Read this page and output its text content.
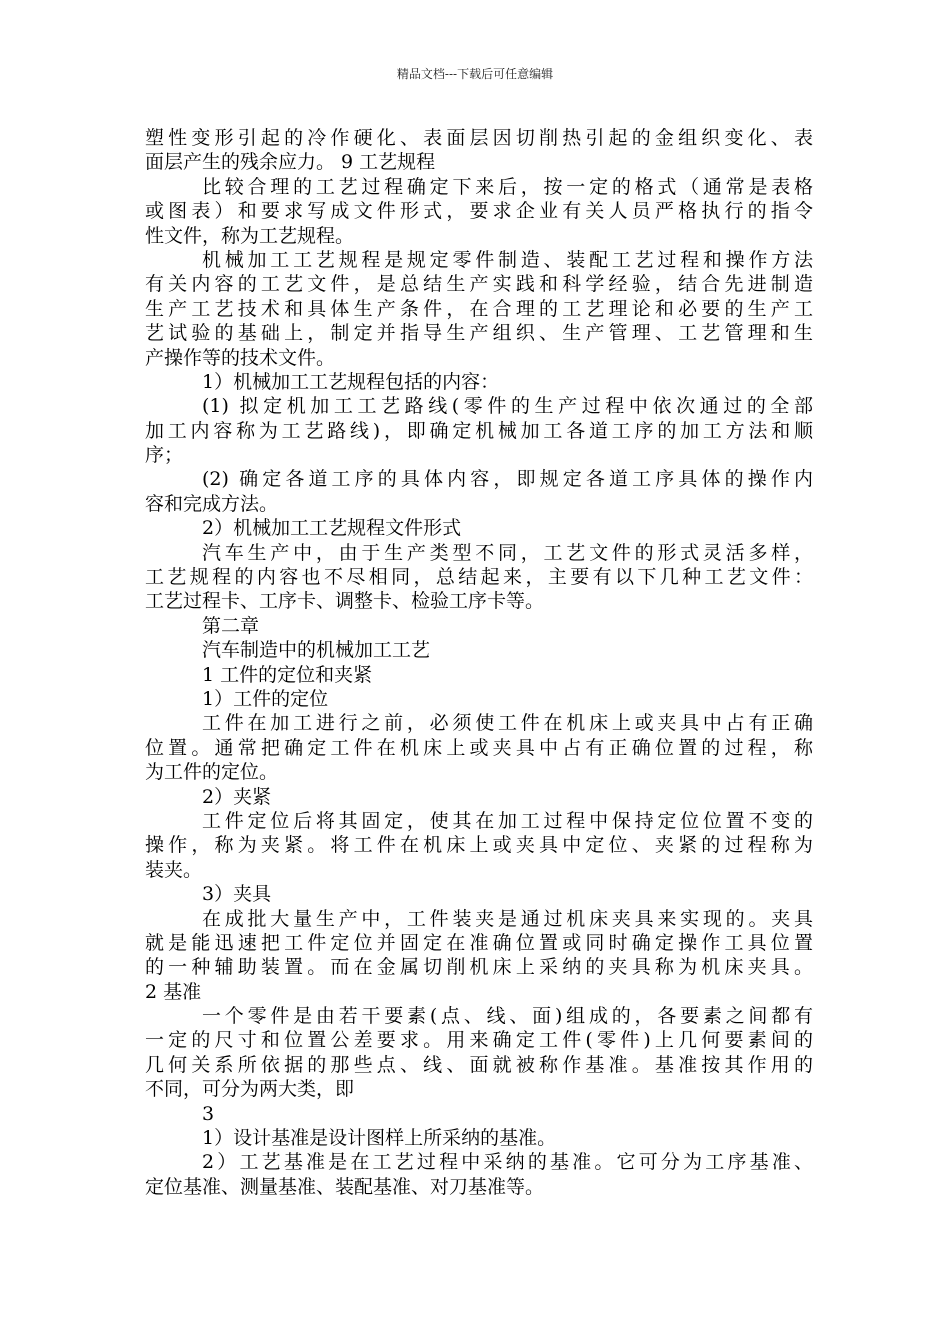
精品文档---下载后可任意编辑
塑性变形引起的冷作硬化、表面层因切削热引起的金组织变化、表
面层产生的残余应力。 9 工艺规程
比较合理的工艺过程确定下来后，按一定的格式（通常是表格
或图表）和要求写成文件形式，要求企业有关人员严格执行的指令
性文件，称为工艺规程。
机械加工工艺规程是规定零件制造、装配工艺过程和操作方法
有关内容的工艺文件，是总结生产实践和科学经验，结合先进制造
生产工艺技术和具体生产条件，在合理的工艺理论和必要的生产工
艺试验的基础上，制定并指导生产组织、生产管理、工艺管理和生
产操作等的技术文件。
1）机械加工工艺规程包括的内容：
(1) 拟定机加工工艺路线(零件的生产过程中依次通过的全部
加工内容称为工艺路线)，即确定机械加工各道工序的加工方法和顺
序；
(2) 确定各道工序的具体内容，即规定各道工序具体的操作内
容和完成方法。
2）机械加工工艺规程文件形式
汽车生产中，由于生产类型不同，工艺文件的形式灵活多样，
工艺规程的内容也不尽相同，总结起来，主要有以下几种工艺文件：
工艺过程卡、工序卡、调整卡、检验工序卡等。
第二章
汽车制造中的机械加工工艺
1 工件的定位和夹紧
1）工件的定位
工件在加工进行之前，必须使工件在机床上或夹具中占有正确
位置。通常把确定工件在机床上或夹具中占有正确位置的过程，称
为工件的定位。
2）夹紧
工件定位后将其固定，使其在加工过程中保持定位位置不变的
操作，称为夹紧。将工件在机床上或夹具中定位、夹紧的过程称为
装夹。
3）夹具
在成批大量生产中，工件装夹是通过机床夹具来实现的。夹具
就是能迅速把工件定位并固定在准确位置或同时确定操作工具位置
的一种辅助装置。而在金属切削机床上采纳的夹具称为机床夹具。
2 基准
一个零件是由若干要素(点、线、面)组成的，各要素之间都有
一定的尺寸和位置公差要求。用来确定工件(零件)上几何要素间的
几何关系所依据的那些点、线、面就被称作基准。基准按其作用的
不同，可分为两大类，即
3
1）设计基准是设计图样上所采纳的基准。
2）工艺基准是在工艺过程中采纳的基准。它可分为工序基准、
定位基准、测量基准、装配基准、对刀基准等。
